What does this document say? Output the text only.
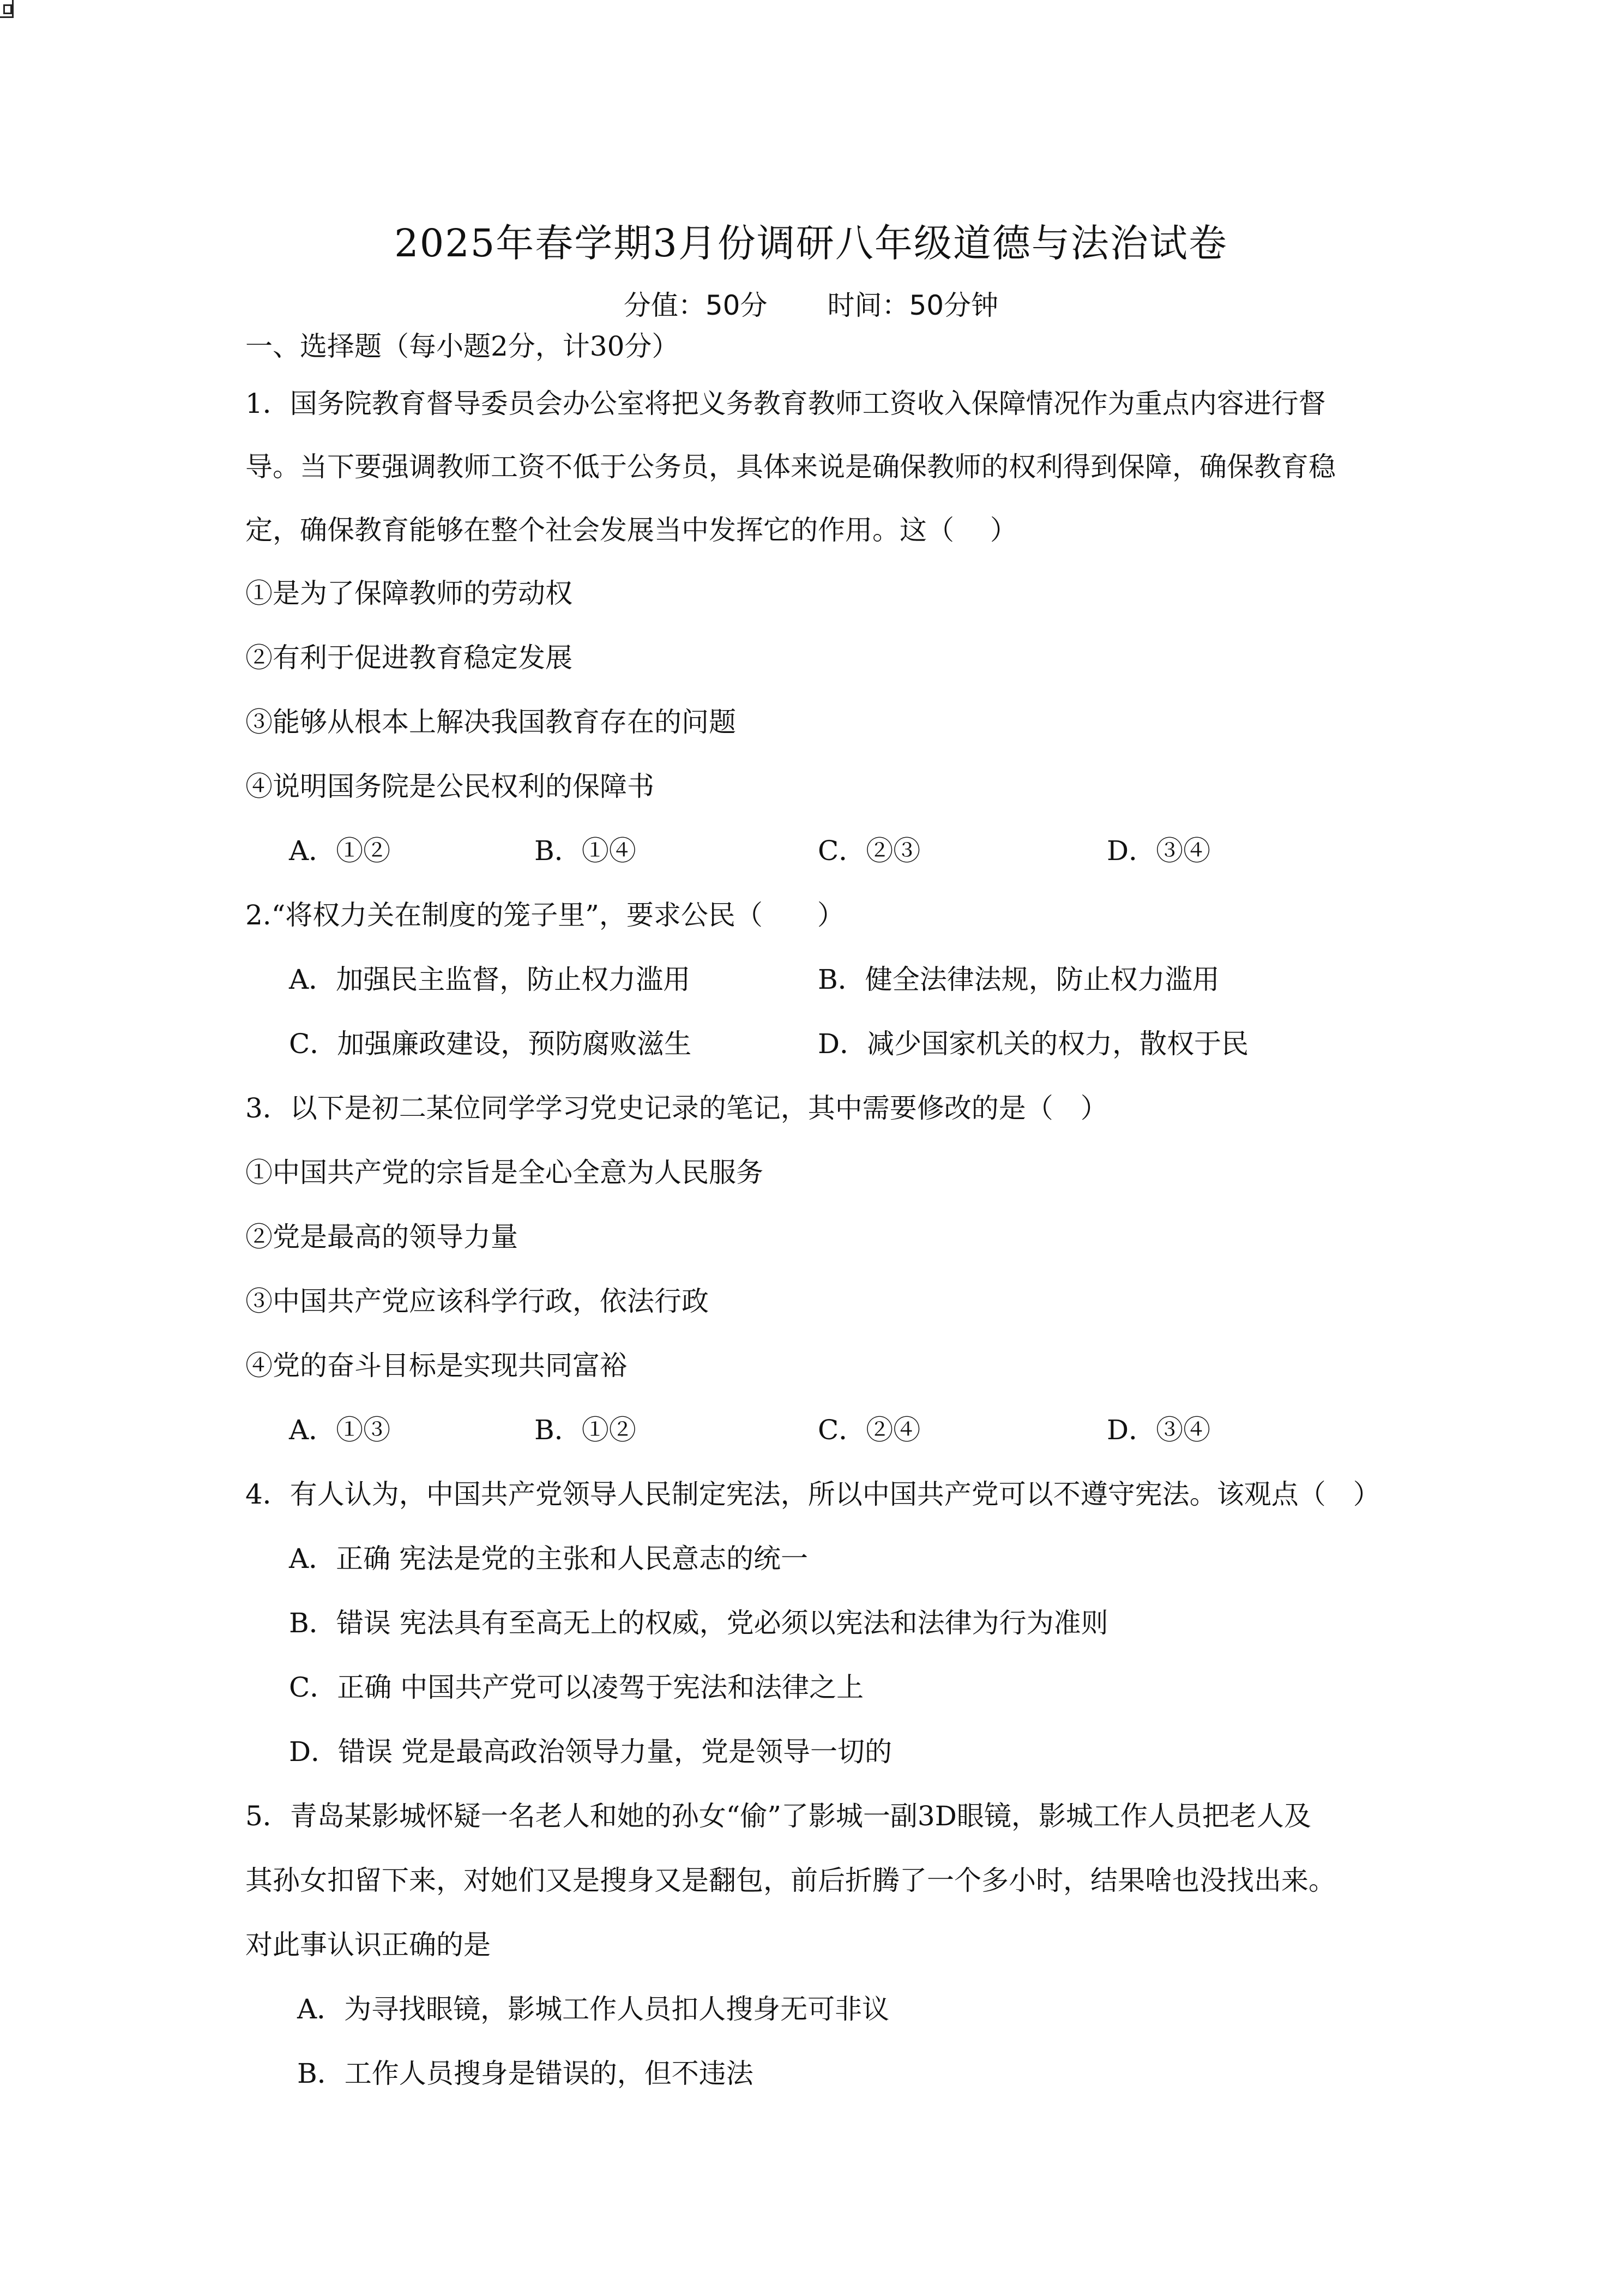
2025年春学期3月份调研八年级道德与法治试卷
分值：50分 时间：50分钟
一、选择题（每小题2分，计30分）
1．国务院教育督导委员会办公室将把义务教育教师工资收入保障情况作为重点内容进行督
导。当下要强调教师工资不低于公务员，具体来说是确保教师的权利得到保障，确保教育稳
定，确保教育能够在整个社会发展当中发挥它的作用。这（　 ）
①是为了保障教师的劳动权
②有利于促进教育稳定发展
③能够从根本上解决我国教育存在的问题
④说明国务院是公民权利的保障书
A．①②	B．①④	C．②③	D．③④
2.“将权力关在制度的笼子里”，要求公民（　　）
A．加强民主监督，防止权力滥用	B．健全法律法规，防止权力滥用
C．加强廉政建设，预防腐败滋生	D．减少国家机关的权力，散权于民
3．以下是初二某位同学学习党史记录的笔记，其中需要修改的是（　）
①中国共产党的宗旨是全心全意为人民服务
②党是最高的领导力量
③中国共产党应该科学行政，依法行政
④党的奋斗目标是实现共同富裕
A．①③	B．①②	C．②④	D．③④
4．有人认为，中国共产党领导人民制定宪法，所以中国共产党可以不遵守宪法。该观点（　）
A．正确 宪法是党的主张和人民意志的统一
B．错误 宪法具有至高无上的权威，党必须以宪法和法律为行为准则
C．正确 中国共产党可以凌驾于宪法和法律之上
D．错误 党是最高政治领导力量，党是领导一切的
5．青岛某影城怀疑一名老人和她的孙女“偷”了影城一副3D眼镜，影城工作人员把老人及
其孙女扣留下来，对她们又是搜身又是翻包，前后折腾了一个多小时，结果啥也没找出来。
对此事认识正确的是
A．为寻找眼镜，影城工作人员扣人搜身无可非议
B．工作人员搜身是错误的，但不违法
